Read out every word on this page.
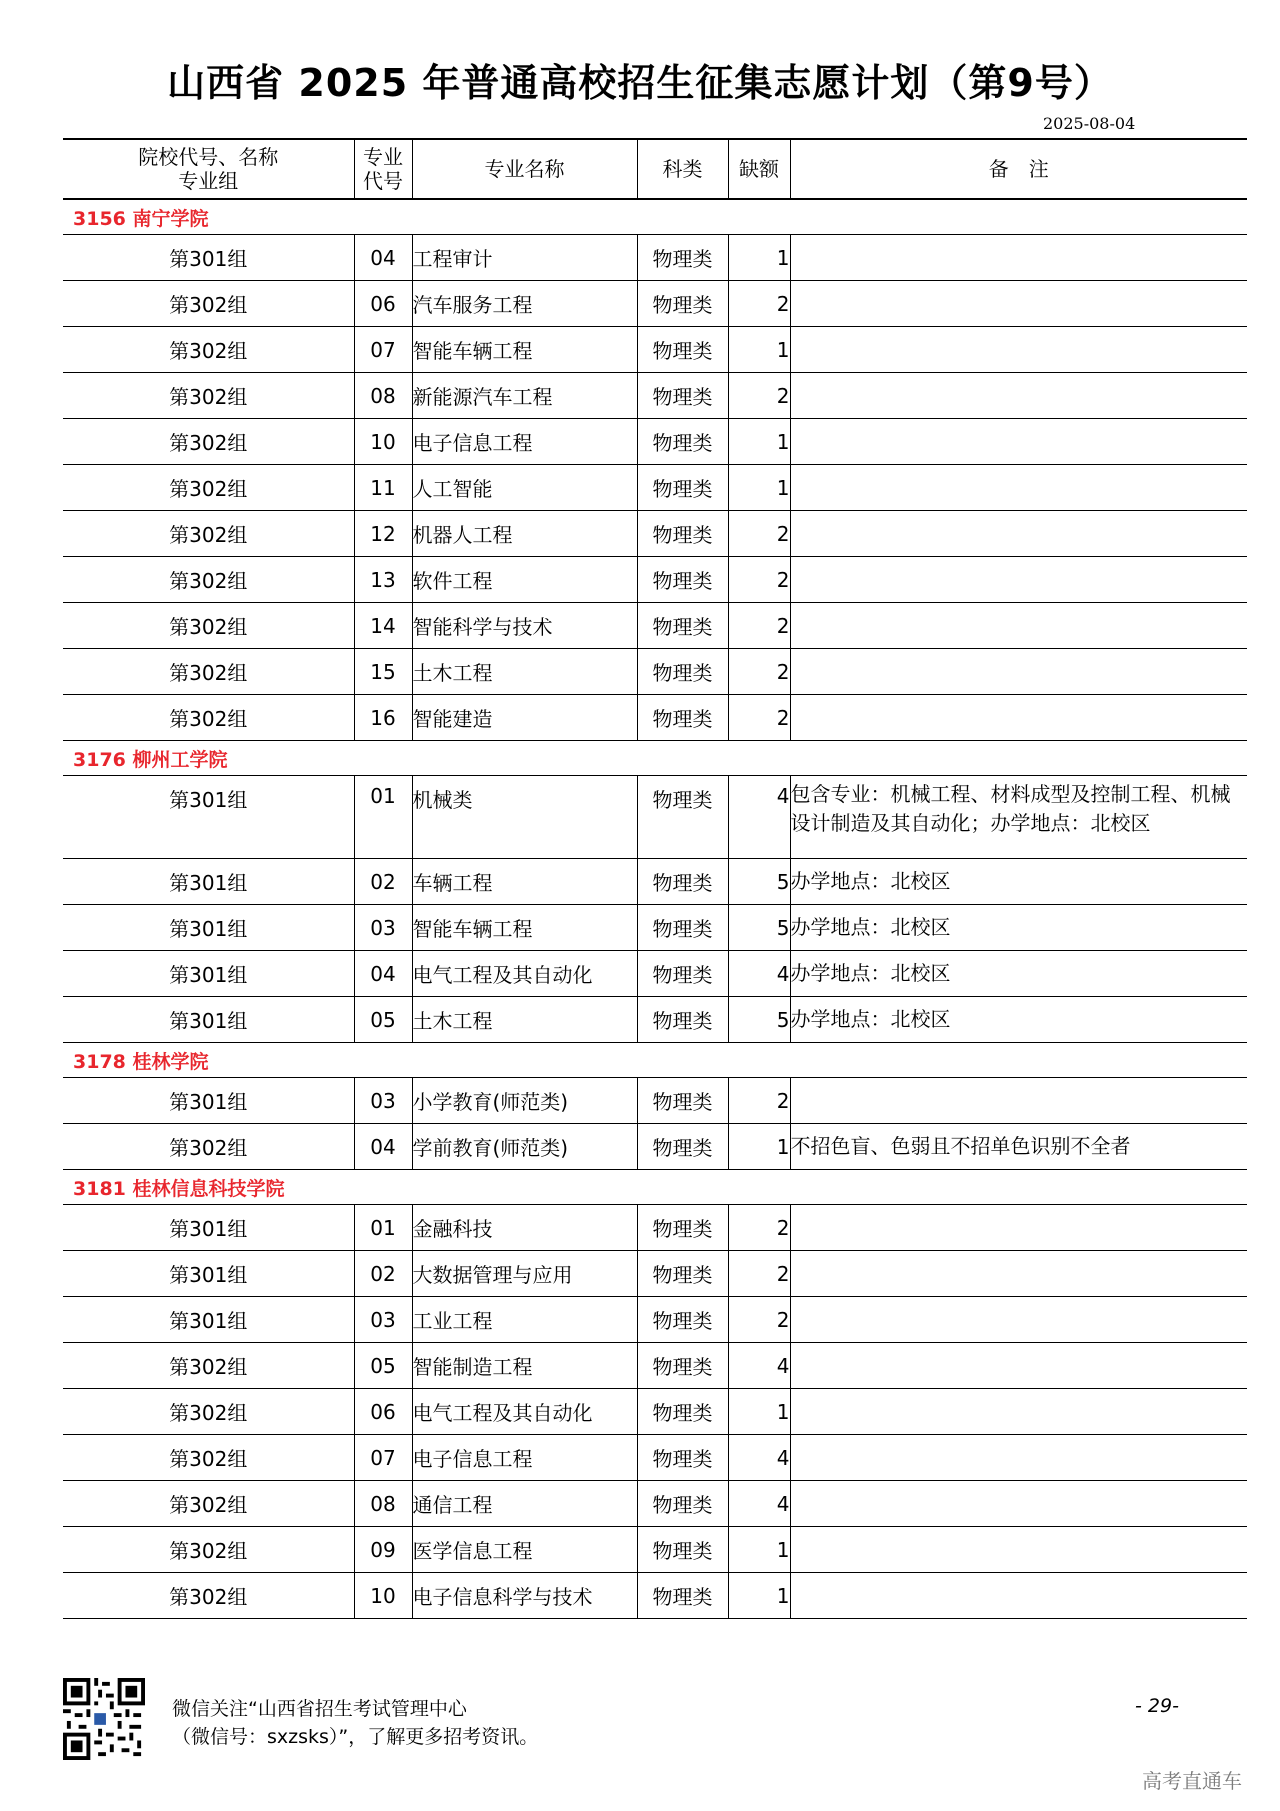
山西省 2025 年普通高校招生征集志愿计划（第9号）
2025-08-04
院校代号、名称
专业组	专业
代号	专业名称	科类	缺额	备　注
3156 南宁学院					
第301组	04	工程审计	物理类	1	
第302组	06	汽车服务工程	物理类	2	
第302组	07	智能车辆工程	物理类	1	
第302组	08	新能源汽车工程	物理类	2	
第302组	10	电子信息工程	物理类	1	
第302组	11	人工智能	物理类	1	
第302组	12	机器人工程	物理类	2	
第302组	13	软件工程	物理类	2	
第302组	14	智能科学与技术	物理类	2	
第302组	15	土木工程	物理类	2	
第302组	16	智能建造	物理类	2	
3176 柳州工学院					
第301组	01	机械类	物理类	4	包含专业：机械工程、材料成型及控制工程、机械设计制造及其自动化；办学地点：北校区
第301组	02	车辆工程	物理类	5	办学地点：北校区
第301组	03	智能车辆工程	物理类	5	办学地点：北校区
第301组	04	电气工程及其自动化	物理类	4	办学地点：北校区
第301组	05	土木工程	物理类	5	办学地点：北校区
3178 桂林学院					
第301组	03	小学教育(师范类)	物理类	2	
第302组	04	学前教育(师范类)	物理类	1	不招色盲、色弱且不招单色识别不全者
3181 桂林信息科技学院					
第301组	01	金融科技	物理类	2	
第301组	02	大数据管理与应用	物理类	2	
第301组	03	工业工程	物理类	2	
第302组	05	智能制造工程	物理类	4	
第302组	06	电气工程及其自动化	物理类	1	
第302组	07	电子信息工程	物理类	4	
第302组	08	通信工程	物理类	4	
第302组	09	医学信息工程	物理类	1	
第302组	10	电子信息科学与技术	物理类	1	
微信关注“山西省招生考试管理中心
（微信号：sxzsks）”，了解更多招考资讯。
- 29-
高考直通车
